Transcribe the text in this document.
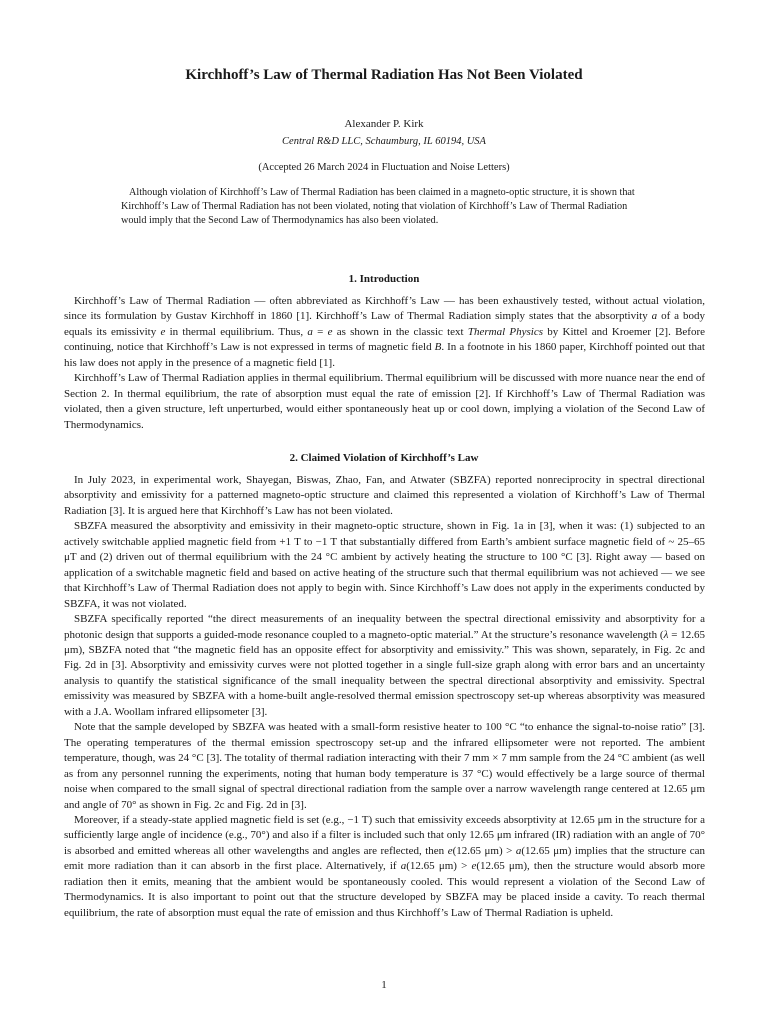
Kirchhoff’s Law of Thermal Radiation Has Not Been Violated

Alexander P. Kirk

Central R&D LLC, Schaumburg, IL 60194, USA

(Accepted 26 March 2024 in Fluctuation and Noise Letters)

Although violation of Kirchhoff’s Law of Thermal Radiation has been claimed in a magneto-optic structure, it is shown that Kirchhoff’s Law of Thermal Radiation has not been violated, noting that violation of Kirchhoff’s Law of Thermal Radiation would imply that the Second Law of Thermodynamics has also been violated.

1. Introduction

Kirchhoff’s Law of Thermal Radiation — often abbreviated as Kirchhoff’s Law — has been exhaustively tested, without actual violation, since its formulation by Gustav Kirchhoff in 1860 [1]. Kirchhoff’s Law of Thermal Radiation simply states that the absorptivity a of a body equals its emissivity e in thermal equilibrium. Thus, a = e as shown in the classic text Thermal Physics by Kittel and Kroemer [2]. Before continuing, notice that Kirchhoff’s Law is not expressed in terms of magnetic field B. In a footnote in his 1860 paper, Kirchhoff pointed out that his law does not apply in the presence of a magnetic field [1].

Kirchhoff’s Law of Thermal Radiation applies in thermal equilibrium. Thermal equilibrium will be discussed with more nuance near the end of Section 2. In thermal equilibrium, the rate of absorption must equal the rate of emission [2]. If Kirchhoff’s Law of Thermal Radiation was violated, then a given structure, left unperturbed, would either spontaneously heat up or cool down, implying a violation of the Second Law of Thermodynamics.

2. Claimed Violation of Kirchhoff’s Law

In July 2023, in experimental work, Shayegan, Biswas, Zhao, Fan, and Atwater (SBZFA) reported nonreciprocity in spectral directional absorptivity and emissivity for a patterned magneto-optic structure and claimed this represented a violation of Kirchhoff’s Law of Thermal Radiation [3]. It is argued here that Kirchhoff’s Law has not been violated.

SBZFA measured the absorptivity and emissivity in their magneto-optic structure, shown in Fig. 1a in [3], when it was: (1) subjected to an actively switchable applied magnetic field from +1 T to −1 T that substantially differed from Earth’s ambient surface magnetic field of ~ 25–65 μT and (2) driven out of thermal equilibrium with the 24 °C ambient by actively heating the structure to 100 °C [3]. Right away — based on application of a switchable magnetic field and based on active heating of the structure such that thermal equilibrium was not achieved — we see that Kirchhoff’s Law of Thermal Radiation does not apply to begin with. Since Kirchhoff’s Law does not apply in the experiments conducted by SBZFA, it was not violated.

SBZFA specifically reported “the direct measurements of an inequality between the spectral directional emissivity and absorptivity for a photonic design that supports a guided-mode resonance coupled to a magneto-optic material.” At the structure’s resonance wavelength (λ = 12.65 μm), SBZFA noted that “the magnetic field has an opposite effect for absorptivity and emissivity.” This was shown, separately, in Fig. 2c and Fig. 2d in [3]. Absorptivity and emissivity curves were not plotted together in a single full-size graph along with error bars and an uncertainty analysis to quantify the statistical significance of the small inequality between the spectral directional absorptivity and emissivity. Spectral emissivity was measured by SBZFA with a home-built angle-resolved thermal emission spectroscopy set-up whereas absorptivity was measured with a J.A. Woollam infrared ellipsometer [3].

Note that the sample developed by SBZFA was heated with a small-form resistive heater to 100 °C “to enhance the signal-to-noise ratio” [3]. The operating temperatures of the thermal emission spectroscopy set-up and the infrared ellipsometer were not reported. The ambient temperature, though, was 24 °C [3]. The totality of thermal radiation interacting with their 7 mm × 7 mm sample from the 24 °C ambient (as well as from any personnel running the experiments, noting that human body temperature is 37 °C) would effectively be a large source of thermal noise when compared to the small signal of spectral directional radiation from the sample over a narrow wavelength range centered at 12.65 μm and angle of 70° as shown in Fig. 2c and Fig. 2d in [3].

Moreover, if a steady-state applied magnetic field is set (e.g., −1 T) such that emissivity exceeds absorptivity at 12.65 μm in the structure for a sufficiently large angle of incidence (e.g., 70°) and also if a filter is included such that only 12.65 μm infrared (IR) radiation with an angle of 70° is absorbed and emitted whereas all other wavelengths and angles are reflected, then e(12.65 μm) > a(12.65 μm) implies that the structure can emit more radiation than it can absorb in the first place. Alternatively, if a(12.65 μm) > e(12.65 μm), then the structure would absorb more radiation then it emits, meaning that the ambient would be spontaneously cooled. This would represent a violation of the Second Law of Thermodynamics. It is also important to point out that the structure developed by SBZFA may be placed inside a cavity. To reach thermal equilibrium, the rate of absorption must equal the rate of emission and thus Kirchhoff’s Law of Thermal Radiation is upheld.

1
